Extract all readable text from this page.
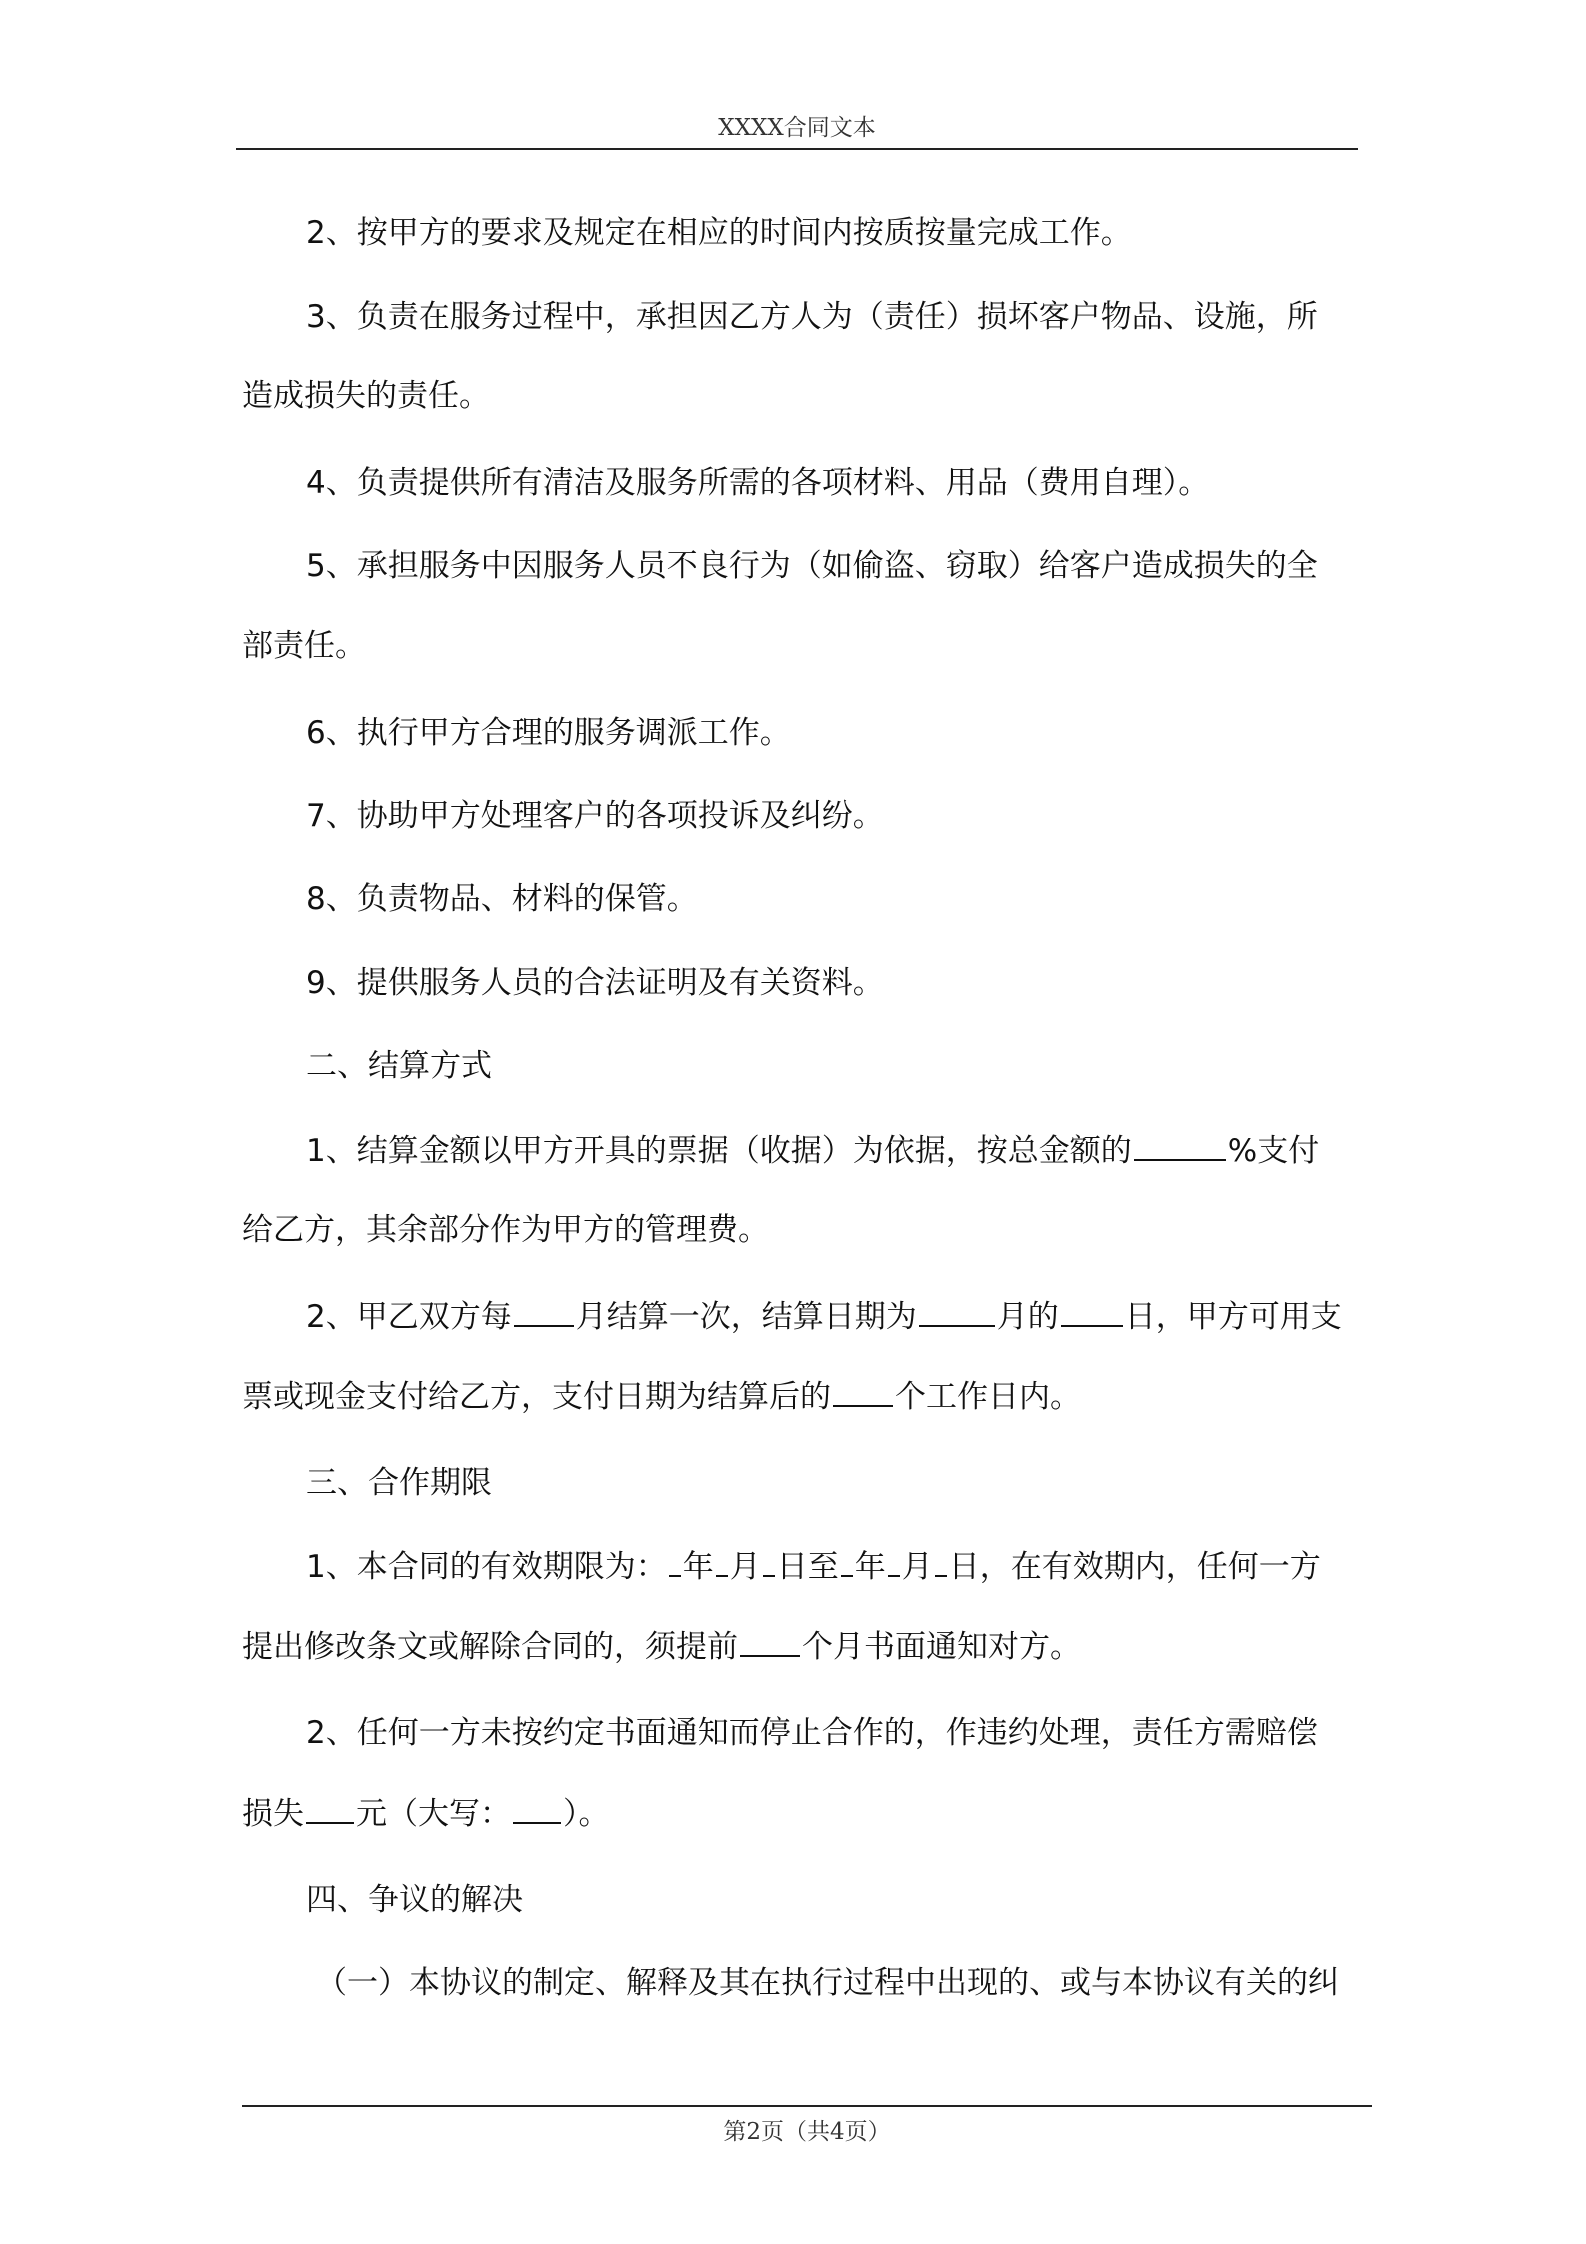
XXXX合同文本
2、按甲方的要求及规定在相应的时间内按质按量完成工作。
3、负责在服务过程中，承担因乙方人为（责任）损坏客户物品、设施，所
造成损失的责任。
4、负责提供所有清洁及服务所需的各项材料、用品（费用自理）。
5、承担服务中因服务人员不良行为（如偷盗、窃取）给客户造成损失的全
部责任。
6、执行甲方合理的服务调派工作。
7、协助甲方处理客户的各项投诉及纠纷。
8、负责物品、材料的保管。
9、提供服务人员的合法证明及有关资料。
二、结算方式
1、结算金额以甲方开具的票据（收据）为依据，按总金额的	%支付
给乙方，其余部分作为甲方的管理费。
2、甲乙双方每 月结算一次，结算日期为	月的 日，甲方可用支
票或现金支付给乙方，支付日期为结算后的 个工作日内。
三、合作期限
1、本合同的有效期限为： 年 月 日至 年 月 日，在有效期内，任何一方
提出修改条文或解除合同的，须提前 个月书面通知对方。
2、任何一方未按约定书面通知而停止合作的，作违约处理，责任方需赔偿
损失 元（大写： ）。
四、争议的解决
（一）本协议的制定、解释及其在执行过程中出现的、或与本协议有关的纠
第2页（共4页）
